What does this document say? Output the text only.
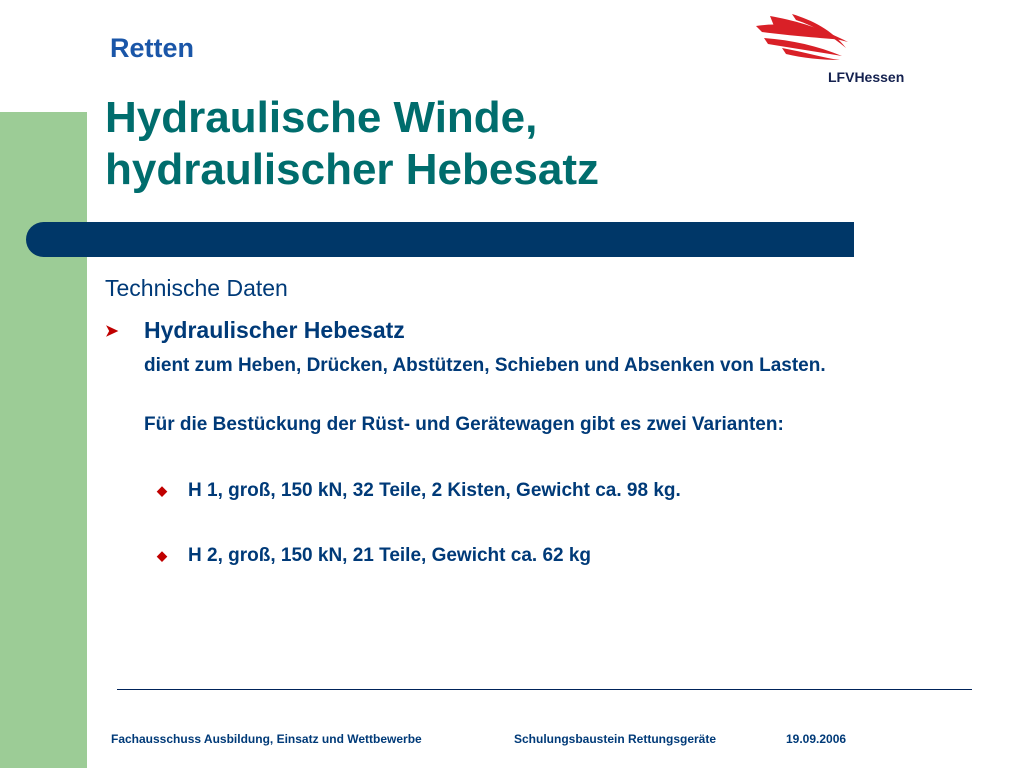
Retten
LFVHessen
Hydraulische Winde,
hydraulischer Hebesatz
Technische Daten
➤ Hydraulischer Hebesatz
dient zum Heben, Drücken, Abstützen, Schieben und Absenken von Lasten.
Für die Bestückung der Rüst- und Gerätewagen gibt es zwei Varianten:
◆ H 1, groß, 150 kN, 32 Teile, 2 Kisten, Gewicht ca. 98 kg.
◆ H 2, groß, 150 kN, 21 Teile, Gewicht ca. 62 kg
Fachausschuss Ausbildung, Einsatz und Wettbewerbe	Schulungsbaustein Rettungsgeräte	19.09.2006
